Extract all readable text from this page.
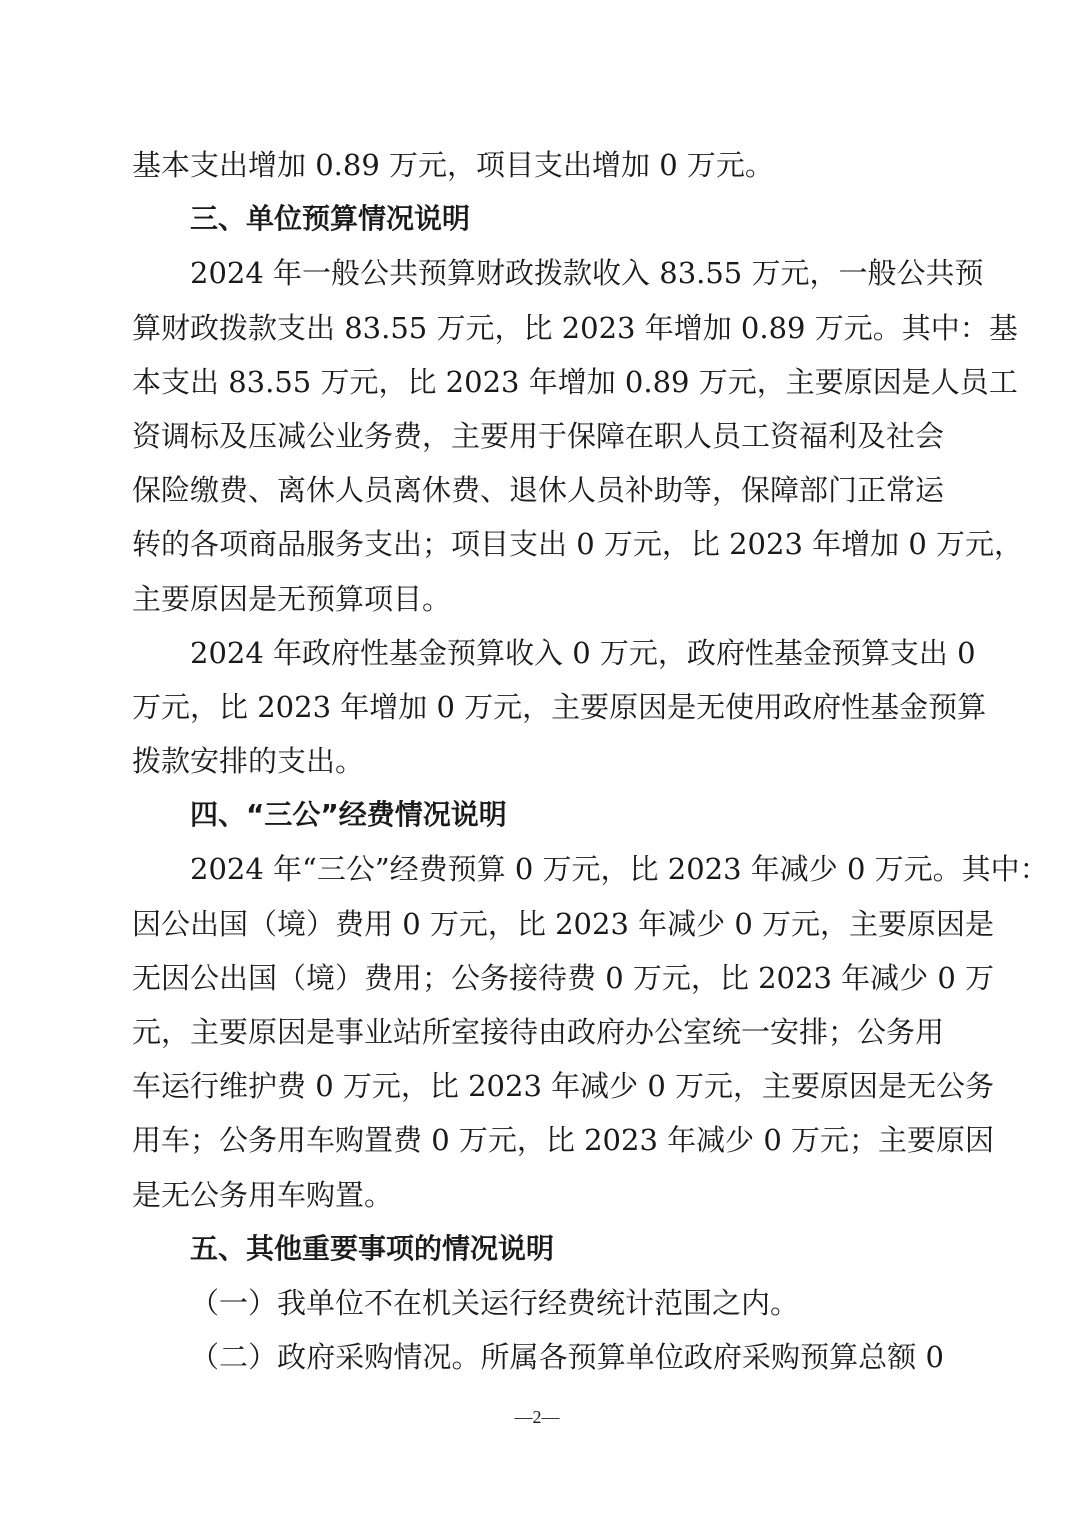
基本支出增加 0.89 万元，项目支出增加 0 万元。
三、单位预算情况说明
2024 年一般公共预算财政拨款收入 83.55 万元，一般公共预
算财政拨款支出 83.55 万元，比 2023 年增加 0.89 万元。其中：基
本支出 83.55 万元，比 2023 年增加 0.89 万元，主要原因是人员工
资调标及压减公业务费，主要用于保障在职人员工资福利及社会
保险缴费、离休人员离休费、退休人员补助等，保障部门正常运
转的各项商品服务支出；项目支出 0 万元，比 2023 年增加 0 万元，
主要原因是无预算项目。
2024 年政府性基金预算收入 0 万元，政府性基金预算支出 0
万元，比 2023 年增加 0 万元，主要原因是无使用政府性基金预算
拨款安排的支出。
四、“三公”经费情况说明
2024 年“三公”经费预算 0 万元，比 2023 年减少 0 万元。其中：
因公出国（境）费用 0 万元，比 2023 年减少 0 万元，主要原因是
无因公出国（境）费用；公务接待费 0 万元，比 2023 年减少 0 万
元，主要原因是事业站所室接待由政府办公室统一安排；公务用
车运行维护费 0 万元，比 2023 年减少 0 万元，主要原因是无公务
用车；公务用车购置费 0 万元，比 2023 年减少 0 万元；主要原因
是无公务用车购置。
五、其他重要事项的情况说明
（一）我单位不在机关运行经费统计范围之内。
（二）政府采购情况。所属各预算单位政府采购预算总额 0
—2—
